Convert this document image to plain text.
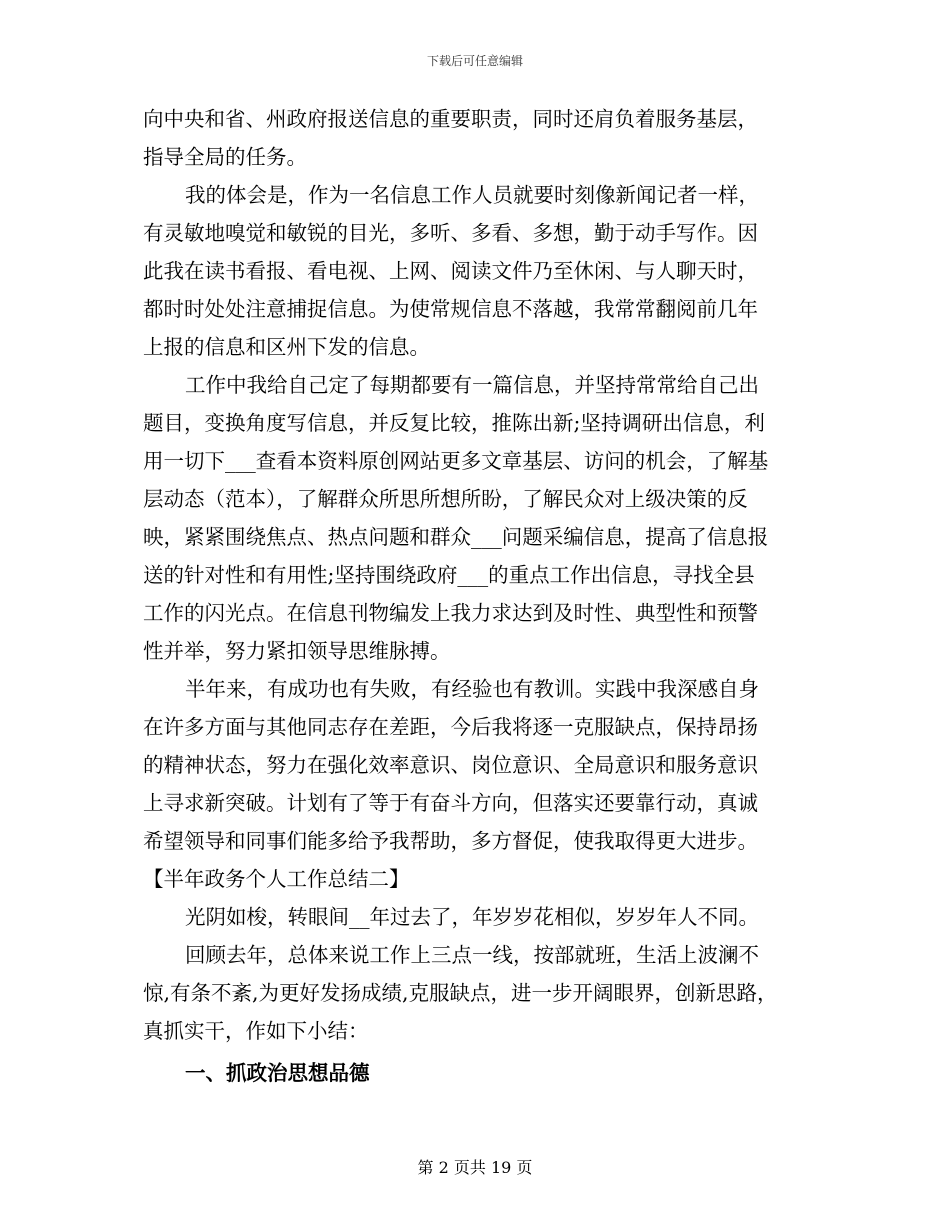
下载后可任意编辑
向中央和省、州政府报送信息的重要职责，同时还肩负着服务基层，
指导全局的任务。
我的体会是，作为一名信息工作人员就要时刻像新闻记者一样，
有灵敏地嗅觉和敏锐的目光，多听、多看、多想，勤于动手写作。因
此我在读书看报、看电视、上网、阅读文件乃至休闲、与人聊天时，
都时时处处注意捕捉信息。为使常规信息不落越，我常常翻阅前几年
上报的信息和区州下发的信息。
工作中我给自己定了每期都要有一篇信息，并坚持常常给自己出
题目，变换角度写信息，并反复比较，推陈出新;坚持调研出信息，利
用一切下___查看本资料原创网站更多文章基层、访问的机会，了解基
层动态（范本），了解群众所思所想所盼，了解民众对上级决策的反
映，紧紧围绕焦点、热点问题和群众___问题采编信息，提高了信息报
送的针对性和有用性;坚持围绕政府___的重点工作出信息，寻找全县
工作的闪光点。在信息刊物编发上我力求达到及时性、典型性和预警
性并举，努力紧扣领导思维脉搏。
半年来，有成功也有失败，有经验也有教训。实践中我深感自身
在许多方面与其他同志存在差距，今后我将逐一克服缺点，保持昂扬
的精神状态，努力在强化效率意识、岗位意识、全局意识和服务意识
上寻求新突破。计划有了等于有奋斗方向，但落实还要靠行动，真诚
希望领导和同事们能多给予我帮助，多方督促，使我取得更大进步。
【半年政务个人工作总结二】
光阴如梭，转眼间__年过去了，年岁岁花相似，岁岁年人不同。
回顾去年，总体来说工作上三点一线，按部就班，生活上波澜不
惊,有条不紊,为更好发扬成绩,克服缺点，进一步开阔眼界，创新思路，
真抓实干，作如下小结：
一、抓政治思想品德
第 2 页共 19 页
